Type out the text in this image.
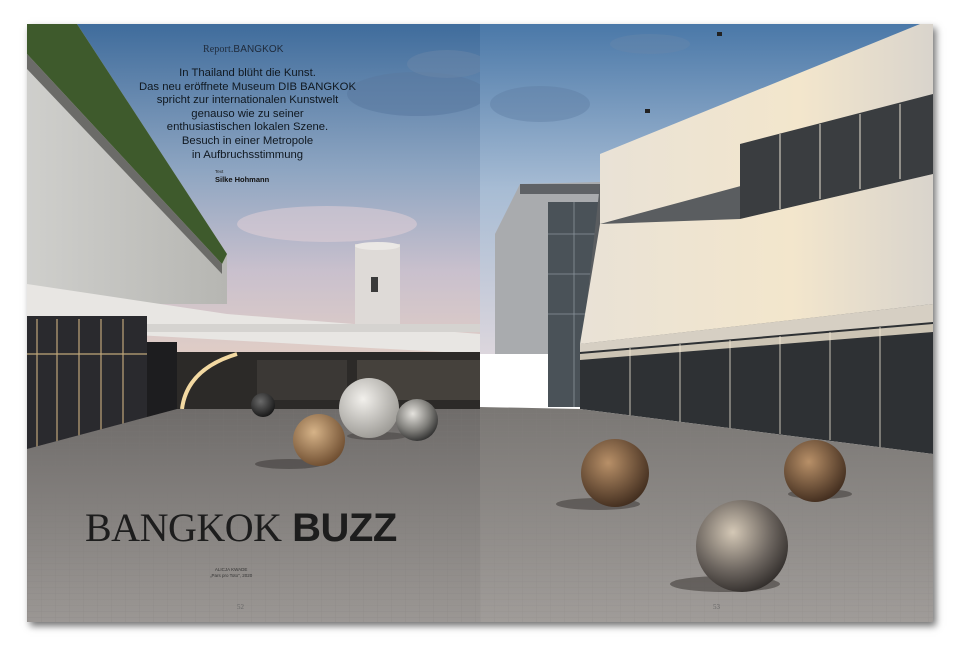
Report.BANGKOK
In Thailand blüht die Kunst.
Das neu eröffnete Museum DIB BANGKOK
spricht zur internationalen Kunstwelt
genauso wie zu seiner
enthusiastischen lokalen Szene.
Besuch in einer Metropole
in Aufbruchsstimmung
Text
Silke Hohmann
BANGKOK BUZZ
ALICJA KWADE
„Pars pro Toto", 2020
52	53
